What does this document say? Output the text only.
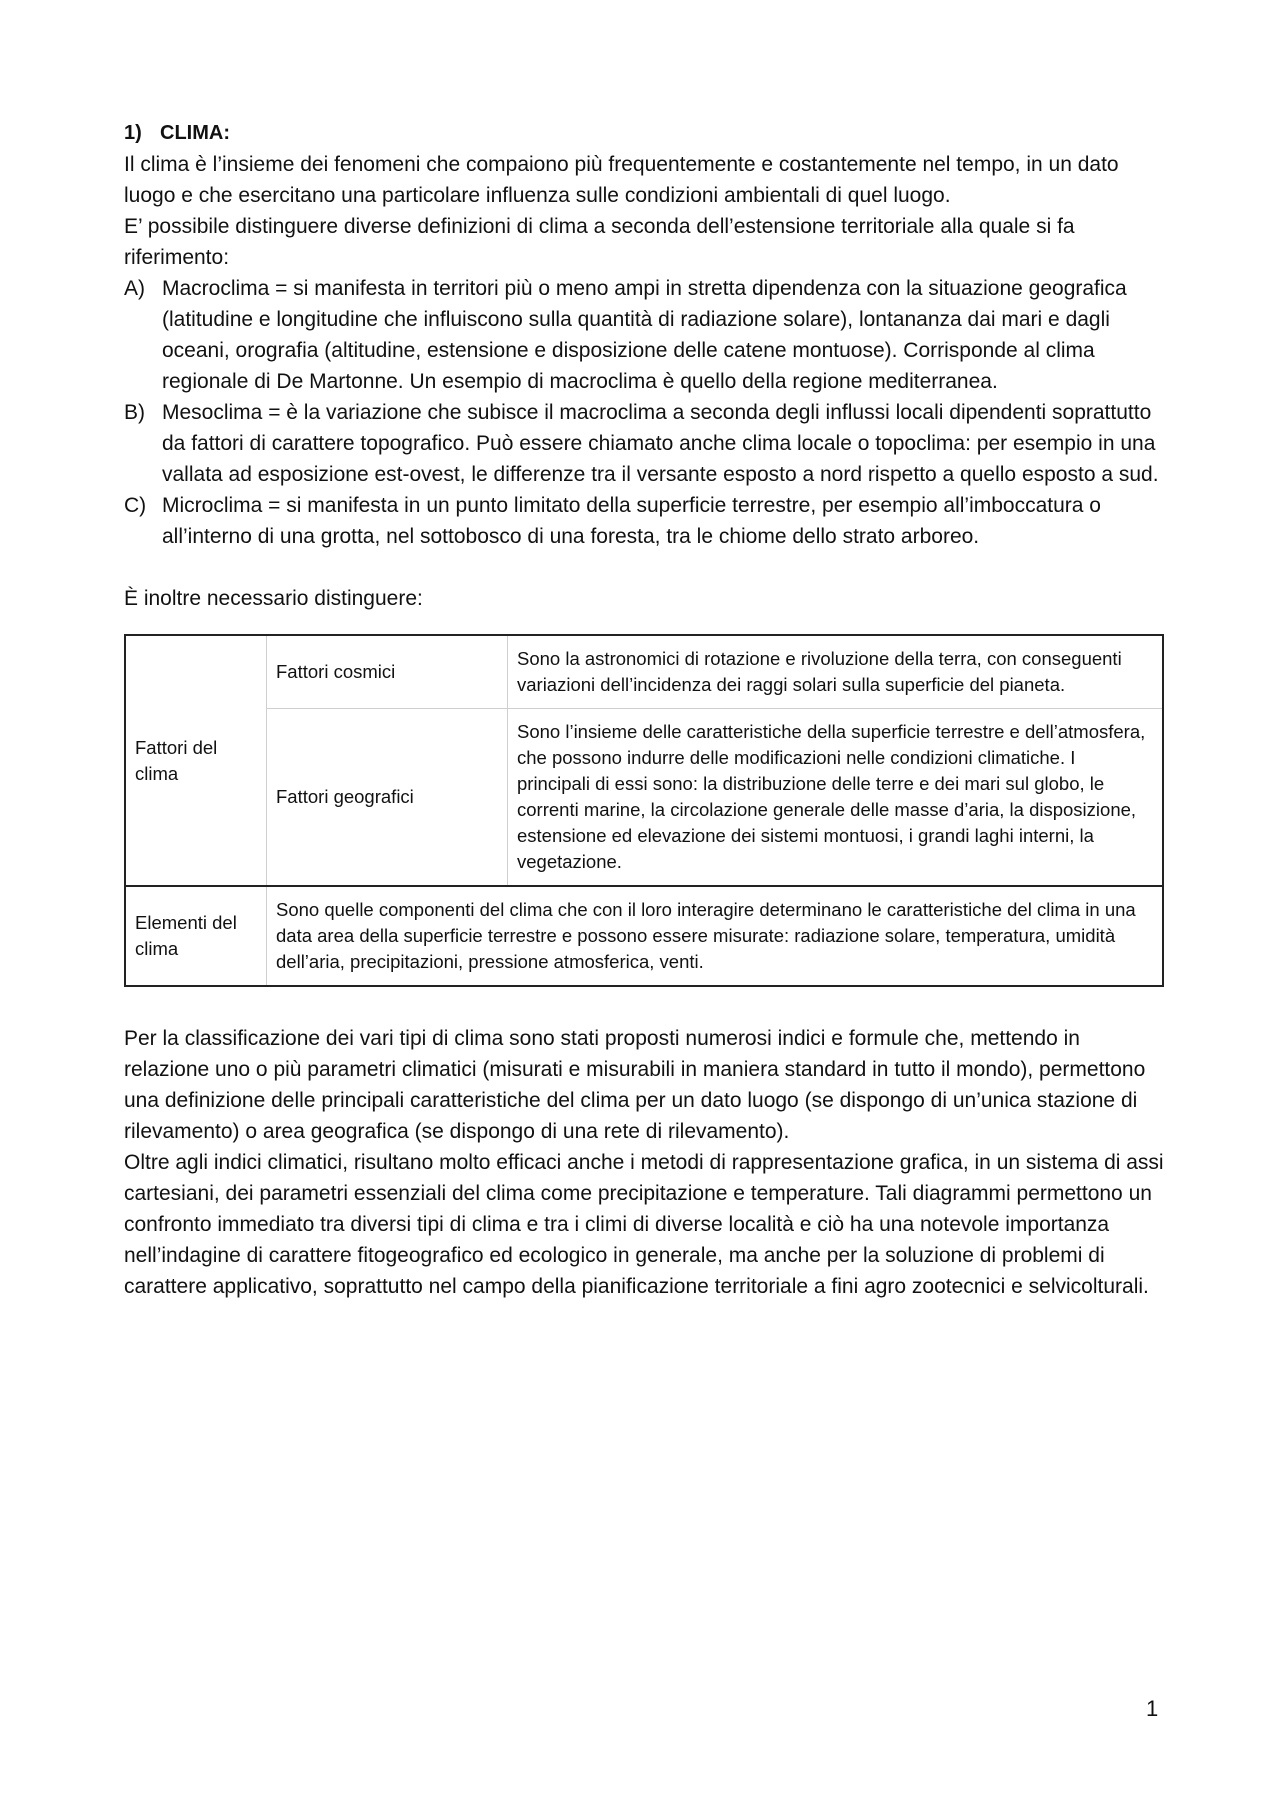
1) CLIMA:

Il clima è l’insieme dei fenomeni che compaiono più frequentemente e costantemente nel tempo, in un dato luogo e che esercitano una particolare influenza sulle condizioni ambientali di quel luogo.

E’ possibile distinguere diverse definizioni di clima a seconda dell’estensione territoriale alla quale si fa riferimento:

A) Macroclima = si manifesta in territori più o meno ampi in stretta dipendenza con la situazione geografica (latitudine e longitudine che influiscono sulla quantità di radiazione solare), lontananza dai mari e dagli oceani, orografia (altitudine, estensione e disposizione delle catene montuose). Corrisponde al clima regionale di De Martonne. Un esempio di macroclima è quello della regione mediterranea.
B) Mesoclima = è la variazione che subisce il macroclima a seconda degli influssi locali dipendenti soprattutto da fattori di carattere topografico. Può essere chiamato anche clima locale o topoclima: per esempio in una vallata ad esposizione est-ovest, le differenze tra il versante esposto a nord rispetto a quello esposto a sud.
C) Microclima = si manifesta in un punto limitato della superficie terrestre, per esempio all’imboccatura o all’interno di una grotta, nel sottobosco di una foresta, tra le chiome dello strato arboreo.

È inoltre necessario distinguere:

Fattori del clima	Fattori cosmici	Sono la astronomici di rotazione e rivoluzione della terra, con conseguenti variazioni dell’incidenza dei raggi solari sulla superficie del pianeta.
	Fattori geografici	Sono l’insieme delle caratteristiche della superficie terrestre e dell’atmosfera, che possono indurre delle modificazioni nelle condizioni climatiche. I principali di essi sono: la distribuzione delle terre e dei mari sul globo, le correnti marine, la circolazione generale delle masse d’aria, la disposizione, estensione ed elevazione dei sistemi montuosi, i grandi laghi interni, la vegetazione.
Elementi del clima	Sono quelle componenti del clima che con il loro interagire determinano le caratteristiche del clima in una data area della superficie terrestre e possono essere misurate: radiazione solare, temperatura, umidità dell’aria, precipitazioni, pressione atmosferica, venti.	

Per la classificazione dei vari tipi di clima sono stati proposti numerosi indici e formule che, mettendo in relazione uno o più parametri climatici (misurati e misurabili in maniera standard in tutto il mondo), permettono una definizione delle principali caratteristiche del clima per un dato luogo (se dispongo di un’unica stazione di rilevamento) o area geografica (se dispongo di una rete di rilevamento).

Oltre agli indici climatici, risultano molto efficaci anche i metodi di rappresentazione grafica, in un sistema di assi cartesiani, dei parametri essenziali del clima come precipitazione e temperature. Tali diagrammi permettono un confronto immediato tra diversi tipi di clima e tra i climi di diverse località e ciò ha una notevole importanza nell’indagine di carattere fitogeografico ed ecologico in generale, ma anche per la soluzione di problemi di carattere applicativo, soprattutto nel campo della pianificazione territoriale a fini agro zootecnici e selvicolturali.

1
